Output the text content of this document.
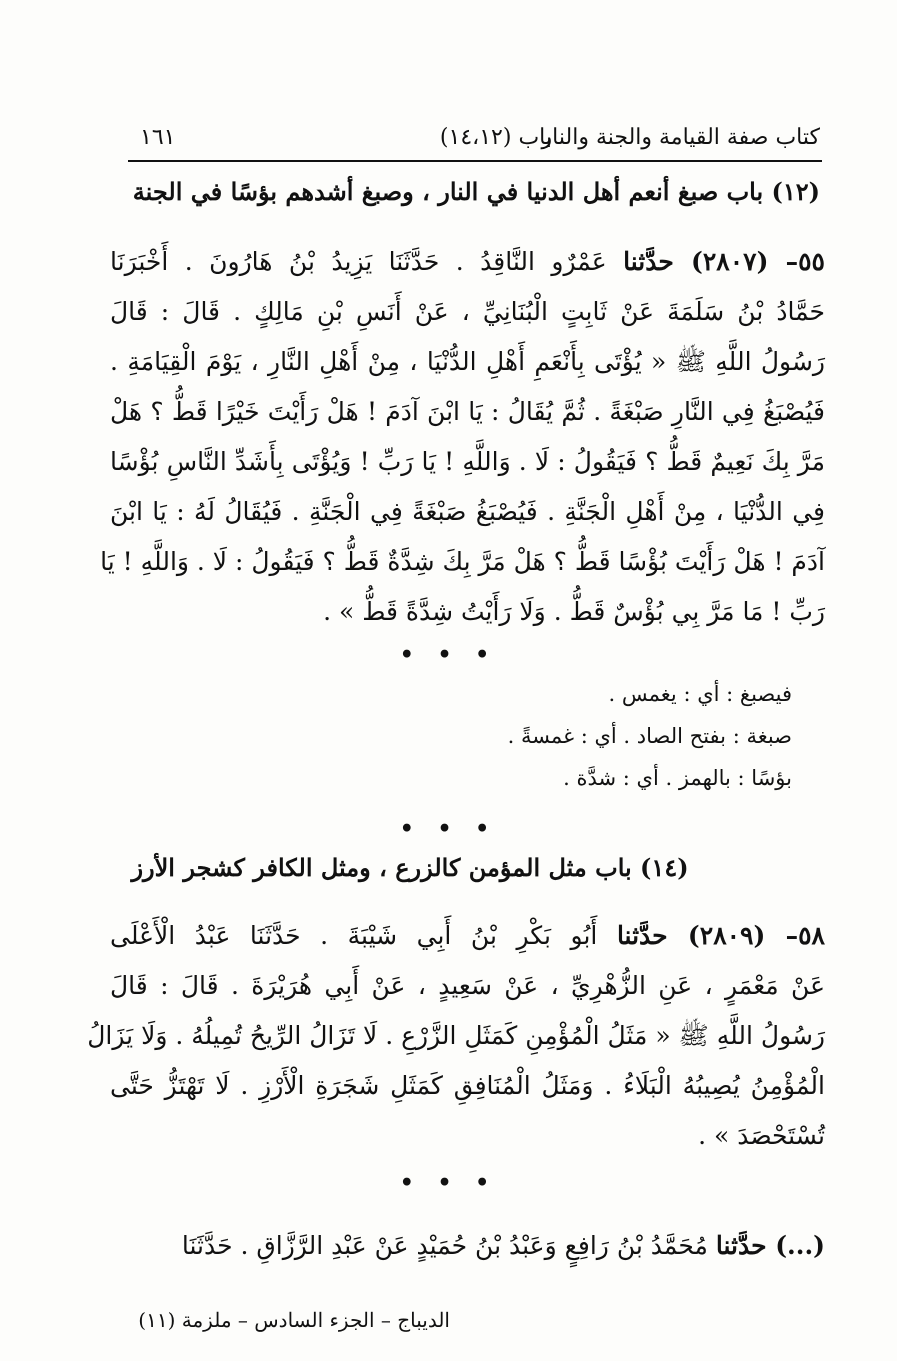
كتاب صفة القيامة والجنة والنار
باب (١٤،١٢)
١٦١
(١٢) باب صبغ أنعم أهل الدنيا في النار ، وصبغ أشدهم بؤسًا في الجنة
٥٥– (٢٨٠٧) حدَّثنا عَمْرٌو النَّاقِدُ . حَدَّثَنَا يَزِيدُ بْنُ هَارُونَ . أَخْبَرَنَا
حَمَّادُ بْنُ سَلَمَةَ عَنْ ثَابِتٍ الْبُنَانِيِّ ، عَنْ أَنَسِ بْنِ مَالِكٍ . قَالَ : قَالَ
رَسُولُ اللَّهِ ﷺ « يُؤْتَى بِأَنْعَمِ أَهْلِ الدُّنْيَا ، مِنْ أَهْلِ النَّارِ ، يَوْمَ الْقِيَامَةِ .
فَيُصْبَغُ فِي النَّارِ صَبْغَةً . ثُمَّ يُقَالُ : يَا ابْنَ آدَمَ ! هَلْ رَأَيْتَ خَيْرًا قَطُّ ؟ هَلْ
مَرَّ بِكَ نَعِيمٌ قَطُّ ؟ فَيَقُولُ : لَا . وَاللَّهِ ! يَا رَبِّ ! وَيُؤْتَى بِأَشَدِّ النَّاسِ بُؤْسًا
فِي الدُّنْيَا ، مِنْ أَهْلِ الْجَنَّةِ . فَيُصْبَغُ صَبْغَةً فِي الْجَنَّةِ . فَيُقَالُ لَهُ : يَا ابْنَ
آدَمَ ! هَلْ رَأَيْتَ بُؤْسًا قَطُّ ؟ هَلْ مَرَّ بِكَ شِدَّةٌ قَطُّ ؟ فَيَقُولُ : لَا . وَاللَّهِ ! يَا
رَبِّ ! مَا مَرَّ بِي بُؤْسٌ قَطُّ . وَلَا رَأَيْتُ شِدَّةً قَطُّ » .
• • •
فيصبغ : أي : يغمس .
صبغة : بفتح الصاد . أي : غمسةً .
بؤسًا : بالهمز . أي : شدَّة .
• • •
(١٤) باب مثل المؤمن كالزرع ، ومثل الكافر كشجر الأرز
٥٨– (٢٨٠٩) حدَّثنا أَبُو بَكْرِ بْنُ أَبِي شَيْبَةَ . حَدَّثَنَا عَبْدُ الْأَعْلَى
عَنْ مَعْمَرٍ ، عَنِ الزُّهْرِيِّ ، عَنْ سَعِيدٍ ، عَنْ أَبِي هُرَيْرَةَ . قَالَ : قَالَ
رَسُولُ اللَّهِ ﷺ « مَثَلُ الْمُؤْمِنِ كَمَثَلِ الزَّرْعِ . لَا تَزَالُ الرِّيحُ تُمِيلُهُ . وَلَا يَزَالُ
الْمُؤْمِنُ يُصِيبُهُ الْبَلَاءُ . وَمَثَلُ الْمُنَافِقِ كَمَثَلِ شَجَرَةِ الْأَرْزِ . لَا تَهْتَزُّ حَتَّى
تُسْتَحْصَدَ » .
• • •
(...) حدَّثنا مُحَمَّدُ بْنُ رَافِعٍ وَعَبْدُ بْنُ حُمَيْدٍ عَنْ عَبْدِ الرَّزَّاقِ . حَدَّثَنَا
الديباج – الجزء السادس – ملزمة (١١)
